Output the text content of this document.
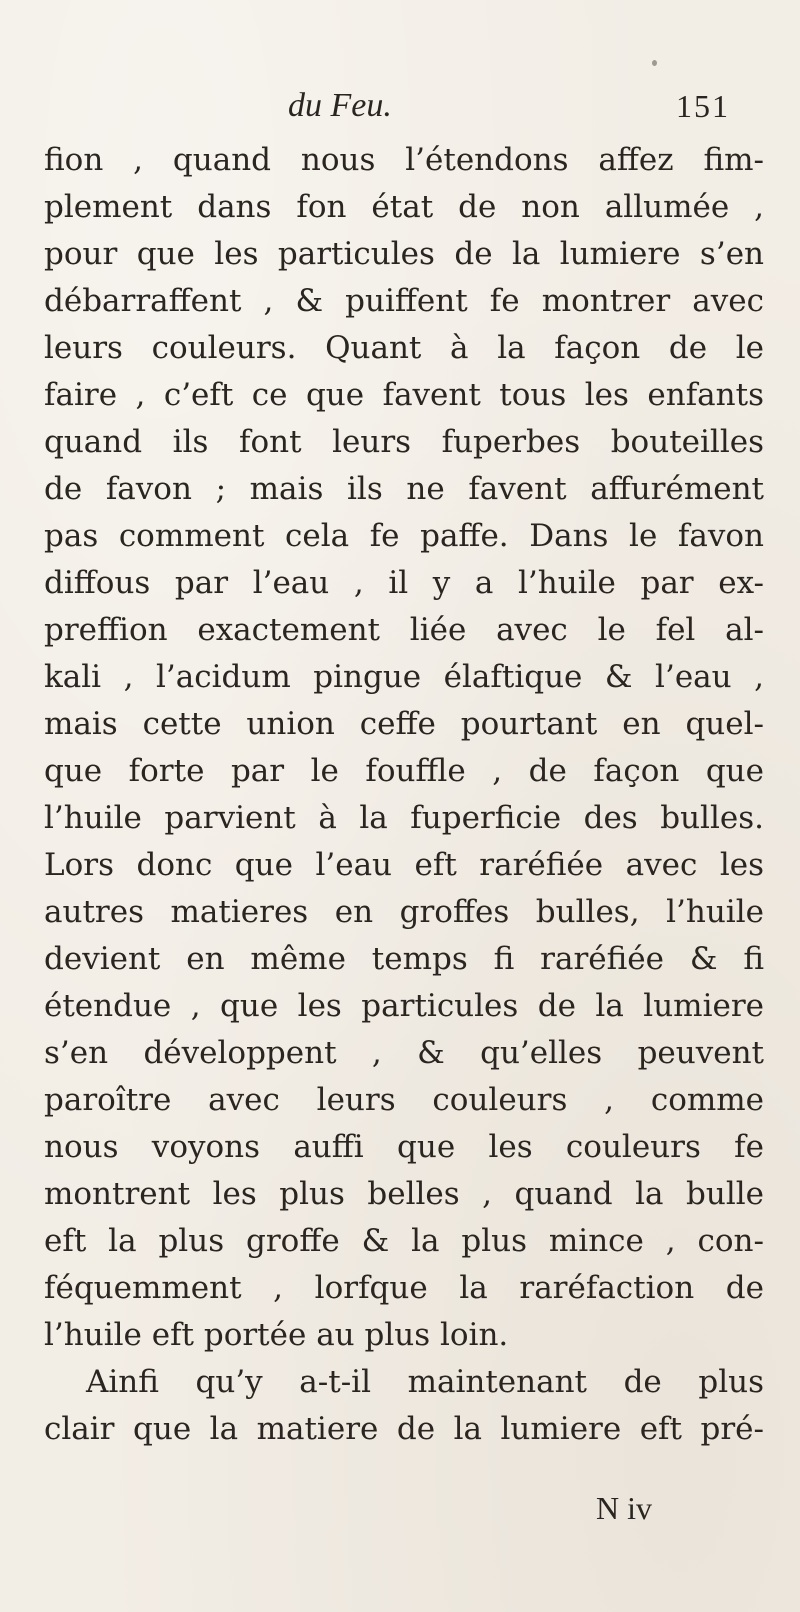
du Feu.	151
fion , quand nous l’étendons affez fim-
plement dans fon état de non allumée ,
pour que les particules de la lumiere s’en
débarraffent , & puiffent fe montrer avec
leurs couleurs. Quant à la façon de le
faire , c’eft ce que favent tous les enfants
quand ils font leurs fuperbes bouteilles
de favon ; mais ils ne favent affurément
pas comment cela fe paffe. Dans le favon
diffous par l’eau , il y a l’huile par ex-
preffion exactement liée avec le fel al-
kali , l’acidum pingue élaftique & l’eau ,
mais cette union ceffe pourtant en quel-
que forte par le fouffle , de façon que
l’huile parvient à la fuperficie des bulles.
Lors donc que l’eau eft raréfiée avec les
autres matieres en groffes bulles, l’huile
devient en même temps fi raréfiée & fi
étendue , que les particules de la lumiere
s’en développent , & qu’elles peuvent
paroître avec leurs couleurs , comme
nous voyons auffi que les couleurs fe
montrent les plus belles , quand la bulle
eft la plus groffe & la plus mince , con-
féquemment , lorfque la raréfaction de
l’huile eft portée au plus loin.
Ainfi qu’y a-t-il maintenant de plus
clair que la matiere de la lumiere eft pré-
N iv
